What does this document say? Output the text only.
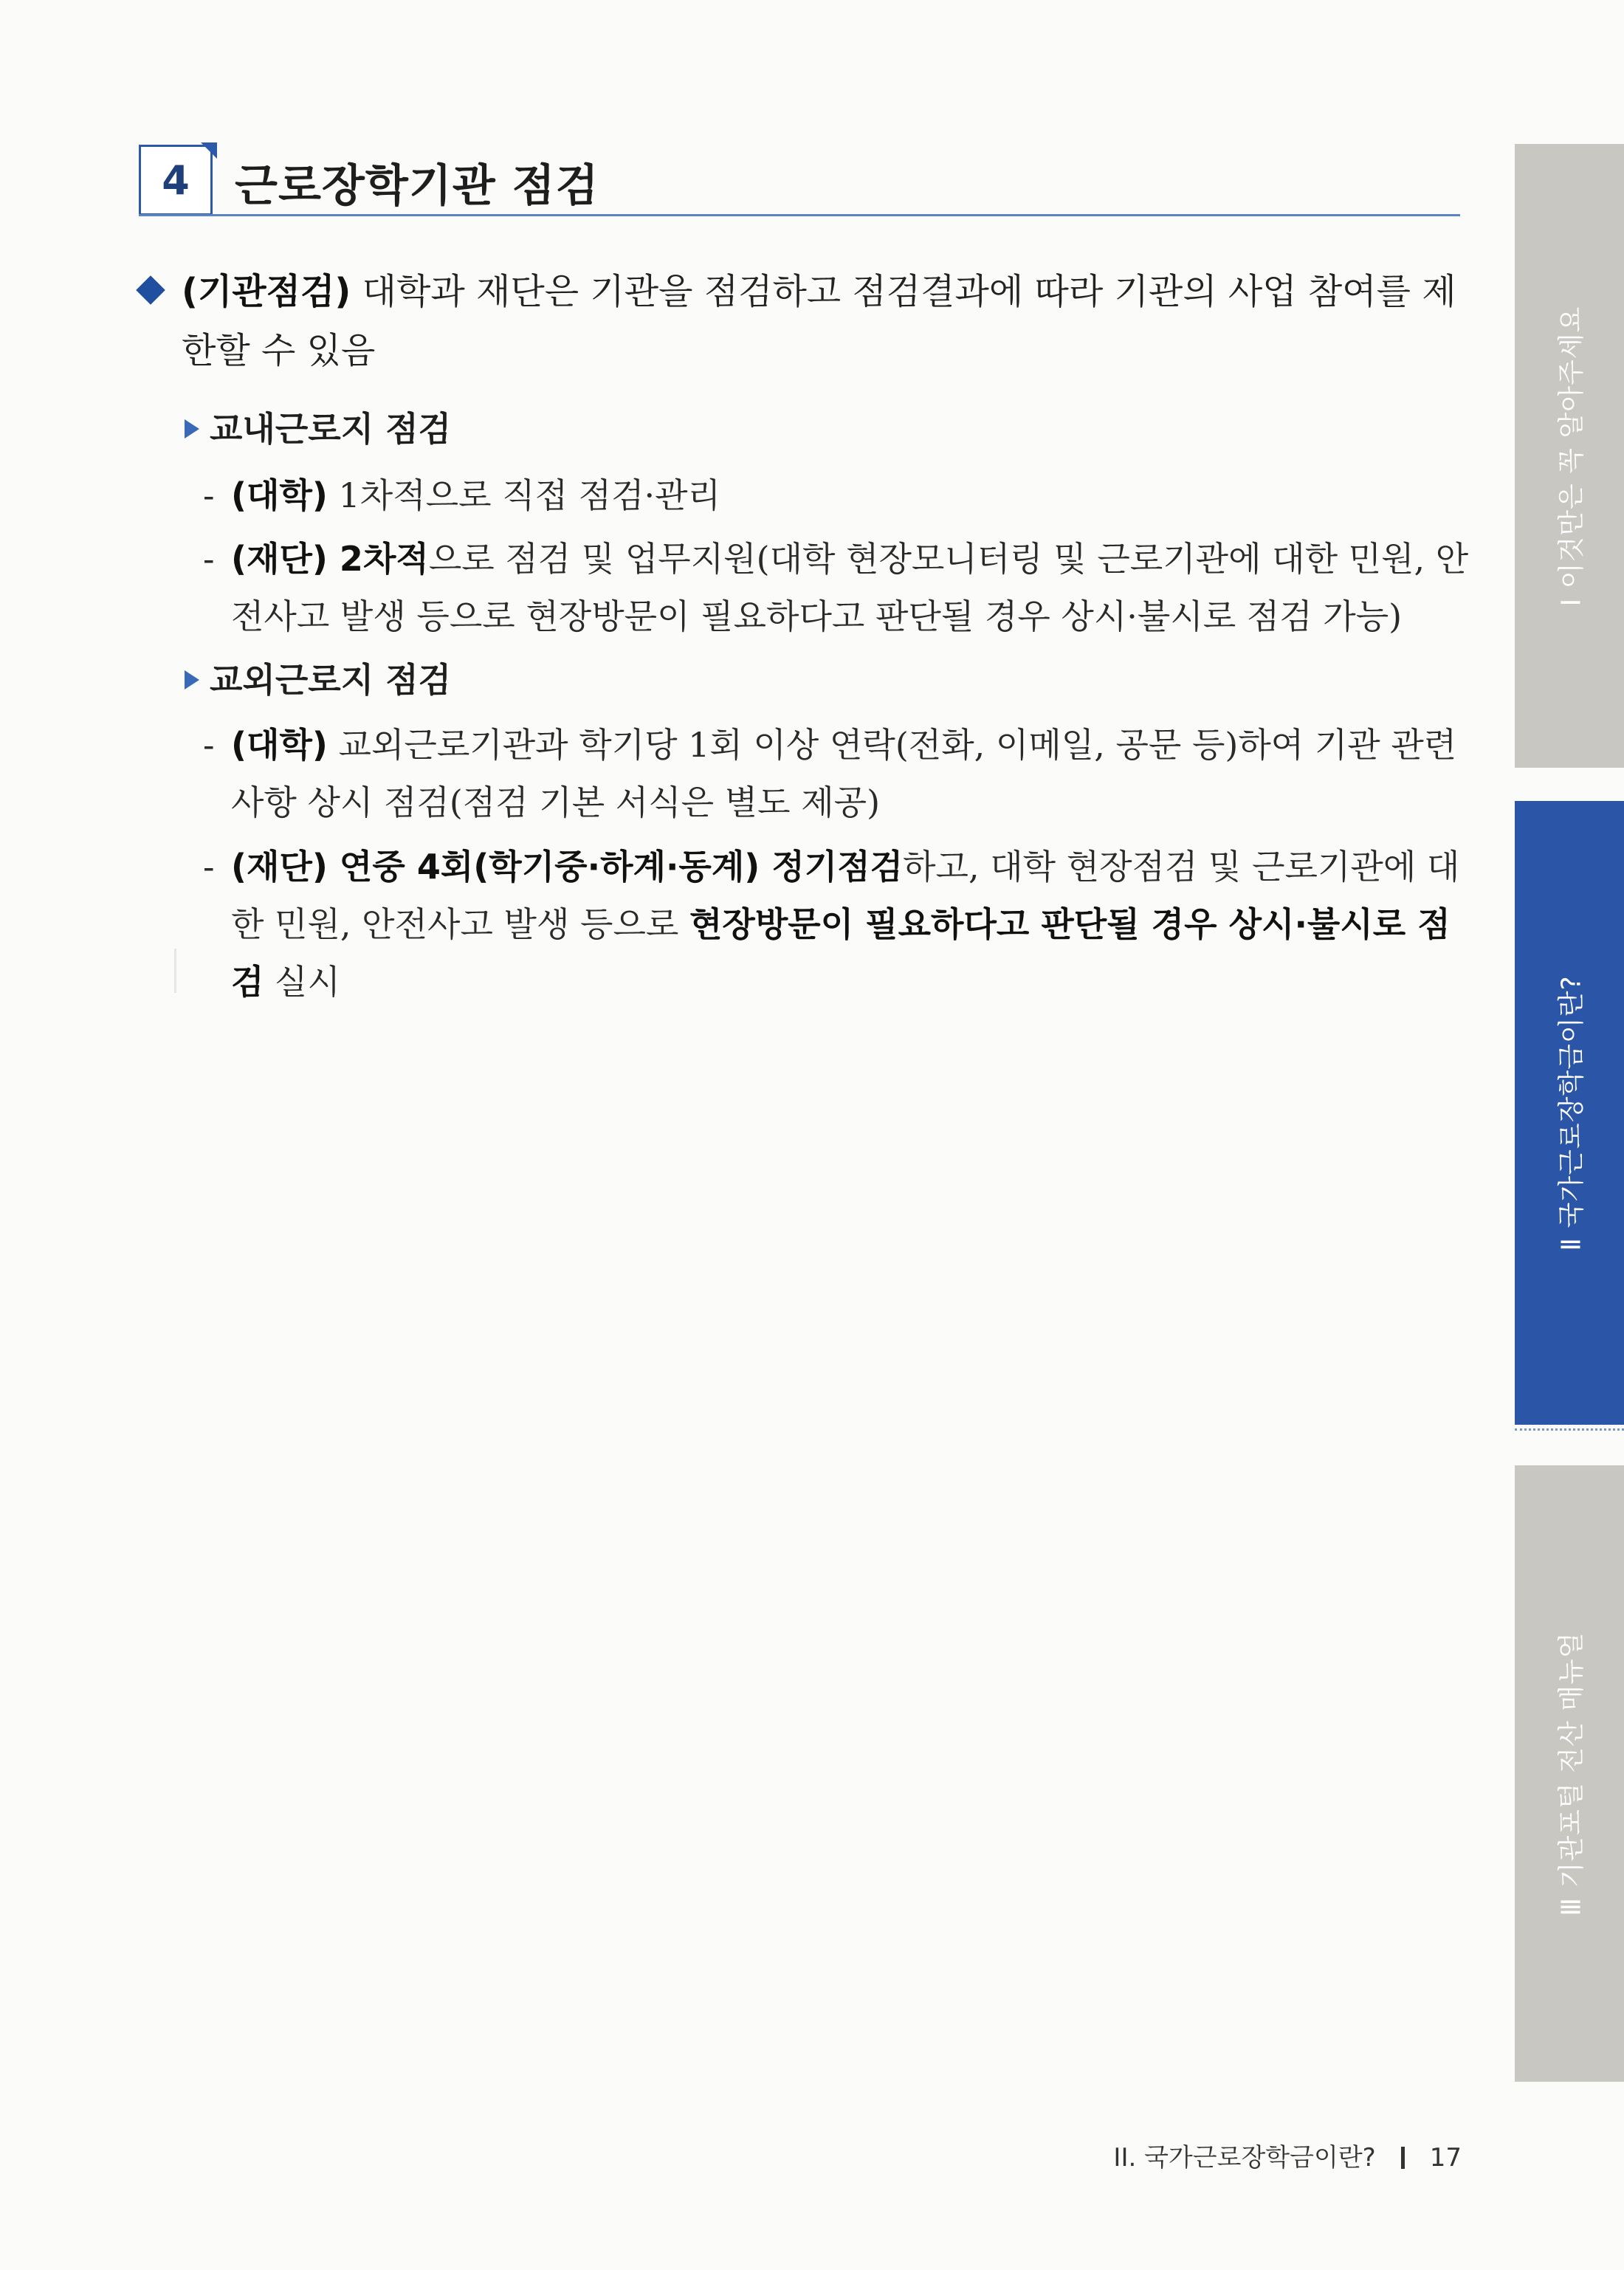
4 근로장학기관 점검
(기관점검) 대학과 재단은 기관을 점검하고 점검결과에 따라 기관의 사업 참여를 제한할 수 있음
교내근로지 점검
- (대학) 1차적으로 직접 점검·관리
- (재단) 2차적으로 점검 및 업무지원(대학 현장모니터링 및 근로기관에 대한 민원, 안전사고 발생 등으로 현장방문이 필요하다고 판단될 경우 상시·불시로 점검 가능)
교외근로지 점검
- (대학) 교외근로기관과 학기당 1회 이상 연락(전화, 이메일, 공문 등)하여 기관 관련 사항 상시 점검(점검 기본 서식은 별도 제공)
- (재단) 연중 4회(학기중·하계·동계) 정기점검하고, 대학 현장점검 및 근로기관에 대한 민원, 안전사고 발생 등으로 현장방문이 필요하다고 판단될 경우 상시·불시로 점검 실시
Ⅰ 이것만은 꼭 알아주세요
Ⅱ 국가근로장학금이란?
Ⅲ 기관포털 전산 매뉴얼
II. 국가근로장학금이란? 17
